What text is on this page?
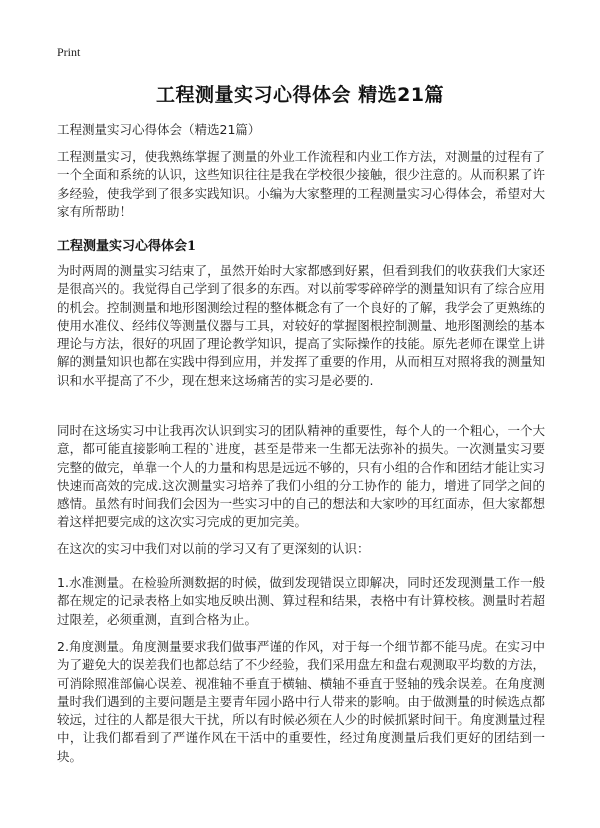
Print
工程测量实习心得体会 精选21篇
工程测量实习心得体会（精选21篇）

工程测量实习，使我熟练掌握了测量的外业工作流程和内业工作方法，对测量的过程有了一个全面和系统的认识，这些知识往往是我在学校很少接触，很少注意的。从而积累了许多经验，使我学到了很多实践知识。小编为大家整理的工程测量实习心得体会，希望对大家有所帮助！

工程测量实习心得体会1

为时两周的测量实习结束了，虽然开始时大家都感到好累，但看到我们的收获我们大家还是很高兴的。我觉得自己学到了很多的东西。对以前零零碎碎学的测量知识有了综合应用的机会。控制测量和地形图测绘过程的整体概念有了一个良好的了解，我学会了更熟练的使用水准仪、经纬仪等测量仪器与工具，对较好的掌握图根控制测量、地形图测绘的基本理论与方法，很好的巩固了理论教学知识，提高了实际操作的技能。原先老师在课堂上讲解的测量知识也都在实践中得到应用，并发挥了重要的作用，从而相互对照将我的测量知识和水平提高了不少，现在想来这场痛苦的实习是必要的.

同时在这场实习中让我再次认识到实习的团队精神的重要性，每个人的一个粗心，一个大意，都可能直接影响工程的`进度，甚至是带来一生都无法弥补的损失。一次测量实习要完整的做完，单靠一个人的力量和构思是远远不够的，只有小组的合作和团结才能让实习快速而高效的完成.这次测量实习培养了我们小组的分工协作的 能力，增进了同学之间的感情。虽然有时间我们会因为一些实习中的自己的想法和大家吵的耳红面赤，但大家都想着这样把要完成的这次实习完成的更加完美。

在这次的实习中我们对以前的学习又有了更深刻的认识：

1.水准测量。在检验所测数据的时候，做到发现错误立即解决，同时还发现测量工作一般都在规定的记录表格上如实地反映出测、算过程和结果，表格中有计算校核。测量时若超过限差，必须重测，直到合格为止。

2.角度测量。角度测量要求我们做事严谨的作风，对于每一个细节都不能马虎。在实习中为了避免大的误差我们也都总结了不少经验，我们采用盘左和盘右观测取平均数的方法，可消除照准部偏心误差、视准轴不垂直于横轴、横轴不垂直于竖轴的残余误差。在角度测量时我们遇到的主要问题是主要青年园小路中行人带来的影响。由于做测量的时候选点都较远，过往的人都是很大干扰，所以有时候必须在人少的时候抓紧时间干。角度测量过程中，让我们都看到了严谨作风在干活中的重要性，经过角度测量后我们更好的团结到一块。
